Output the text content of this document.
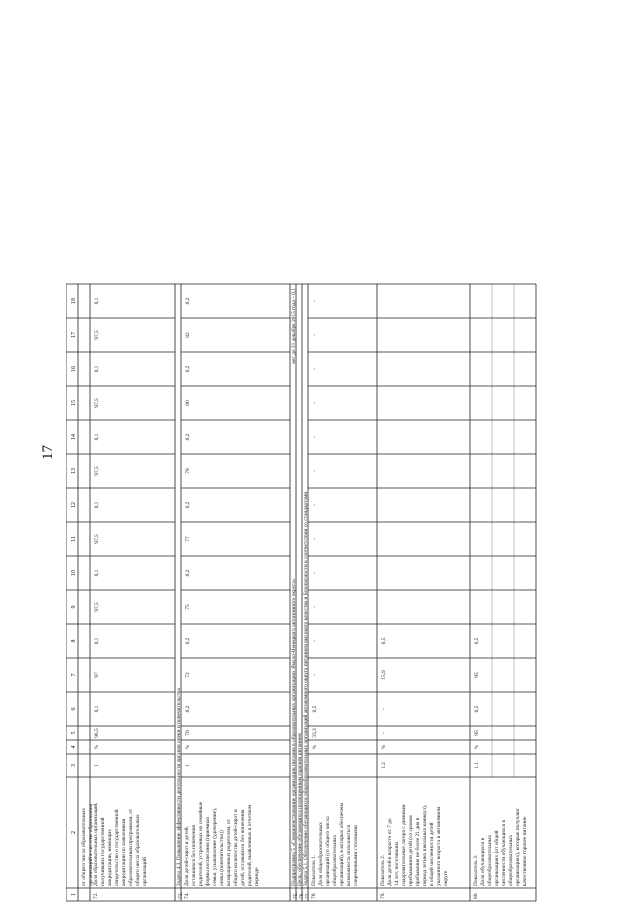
17
1
2
3
4
5
6
7
8
9
10
11
12
13
14
15
16
17
18
от общего числа образовательных организаций в системе образования
72.
Доля образовательных организаций, получивших государственной аккредитации, имеющих свидетельство о государственной аккредитации по заявленным образовательным программам, от общего числа образовательных организаций
1
%
96,5
0,1
97
0,1
97,5
0,1
97,5
0,1
97,5
0,1
97,5
0,1
97,5
0,1
73.
Задача 4.3. Повышение эффективности деятельности органов опеки и попечительства
74.
Доля детей-сирот и детей, оставшихся без попечения родителей, устроенных на семейные формы воспитания (приемная семья, усыновление (удочерение), опека (попечительство)) возвращенных родителям, от общего количества детей-сирот и детей, оставшихся без попечения родителей, выявленных в отчетном периоде
1
%
70
0,2
72
0,2
75
0,2
77
0,2
78
0,2
80
0,2
82
0,2
75.
Подпрограмма 5 «Совершенствование организации питания в образовательных организациях Ямало-Ненецкого автономного округа»
вес до 31 декабря 2015 года – 0,1
76.
Цель: обеспечение обучающихся полноценным горячим питанием
77.
Задача 5.1. Обеспечение обучающихся общеобразовательных организаций автономного округа питанием высокого качества и безопасности в соответствии со стандартами
78.
Показатель 1. Доля общеобразовательных организаций (от общего числа общеобразовательных организаций), в которых обеспечена возможность пользоваться современными столовыми
%
33,3
0,5
-
-
-
-
-
-
-
-
-
-
-
-
79.
Показатель 2. Доля детей в возрасте от 7 до 14 лет, посетивших оздоровительные лагеря с дневным пребыванием детей (со сроком пребывания не более 21 дня в период летних школьных каникул), в общей численности детей указанного возраста в автономном округе
1.2
%
-
-
15,9
0,5
80.
Показатель 3. Доля обучающихся в общеобразовательных организациях (от общей численности обучающихся в общеобразовательных организациях), которые получают качественное горячее питание
1.1
%
95
0,5
95
0,5
